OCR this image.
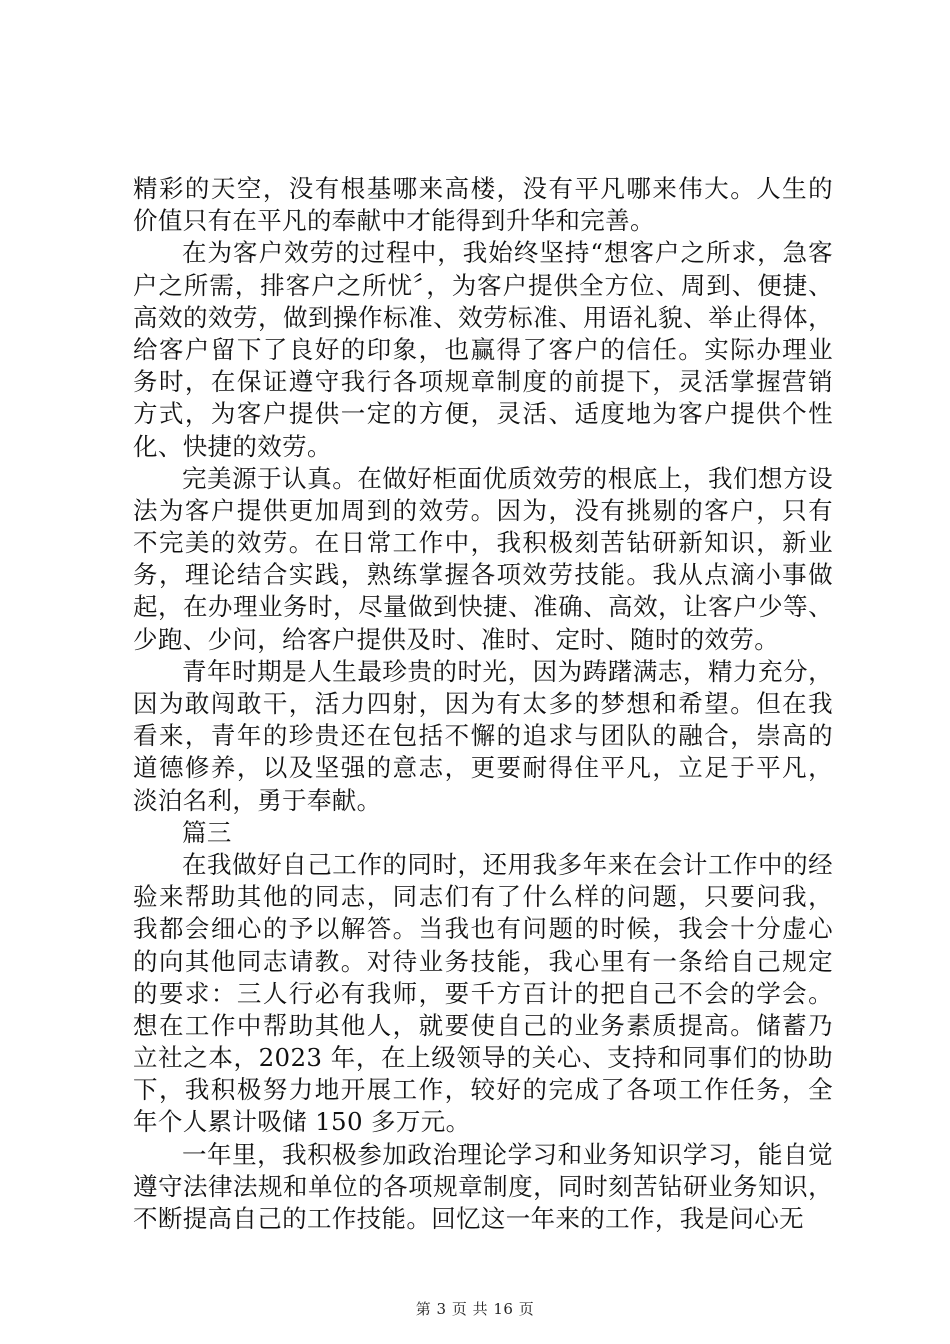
精彩的天空，没有根基哪来高楼，没有平凡哪来伟大。人生的
价值只有在平凡的奉献中才能得到升华和完善。
在为客户效劳的过程中，我始终坚持“想客户之所求，急客
户之所需，排客户之所忧〞，为客户提供全方位、周到、便捷、
高效的效劳，做到操作标准、效劳标准、用语礼貌、举止得体，
给客户留下了良好的印象，也赢得了客户的信任。实际办理业
务时，在保证遵守我行各项规章制度的前提下，灵活掌握营销
方式，为客户提供一定的方便，灵活、适度地为客户提供个性
化、快捷的效劳。
完美源于认真。在做好柜面优质效劳的根底上，我们想方设
法为客户提供更加周到的效劳。因为，没有挑剔的客户，只有
不完美的效劳。在日常工作中，我积极刻苦钻研新知识，新业
务，理论结合实践，熟练掌握各项效劳技能。我从点滴小事做
起，在办理业务时，尽量做到快捷、准确、高效，让客户少等、
少跑、少问，给客户提供及时、准时、定时、随时的效劳。
青年时期是人生最珍贵的时光，因为踌躇满志，精力充分，
因为敢闯敢干，活力四射，因为有太多的梦想和希望。但在我
看来，青年的珍贵还在包括不懈的追求与团队的融合，崇高的
道德修养，以及坚强的意志，更要耐得住平凡，立足于平凡，
淡泊名利，勇于奉献。
篇三
在我做好自己工作的同时，还用我多年来在会计工作中的经
验来帮助其他的同志，同志们有了什么样的问题，只要问我，
我都会细心的予以解答。当我也有问题的时候，我会十分虚心
的向其他同志请教。对待业务技能，我心里有一条给自己规定
的要求：三人行必有我师，要千方百计的把自己不会的学会。
想在工作中帮助其他人，就要使自己的业务素质提高。储蓄乃
立社之本，2023 年，在上级领导的关心、支持和同事们的协助
下，我积极努力地开展工作，较好的完成了各项工作任务，全
年个人累计吸储 150 多万元。
一年里，我积极参加政治理论学习和业务知识学习，能自觉
遵守法律法规和单位的各项规章制度，同时刻苦钻研业务知识，
不断提高自己的工作技能。回忆这一年来的工作，我是问心无
第 3 页 共 16 页
